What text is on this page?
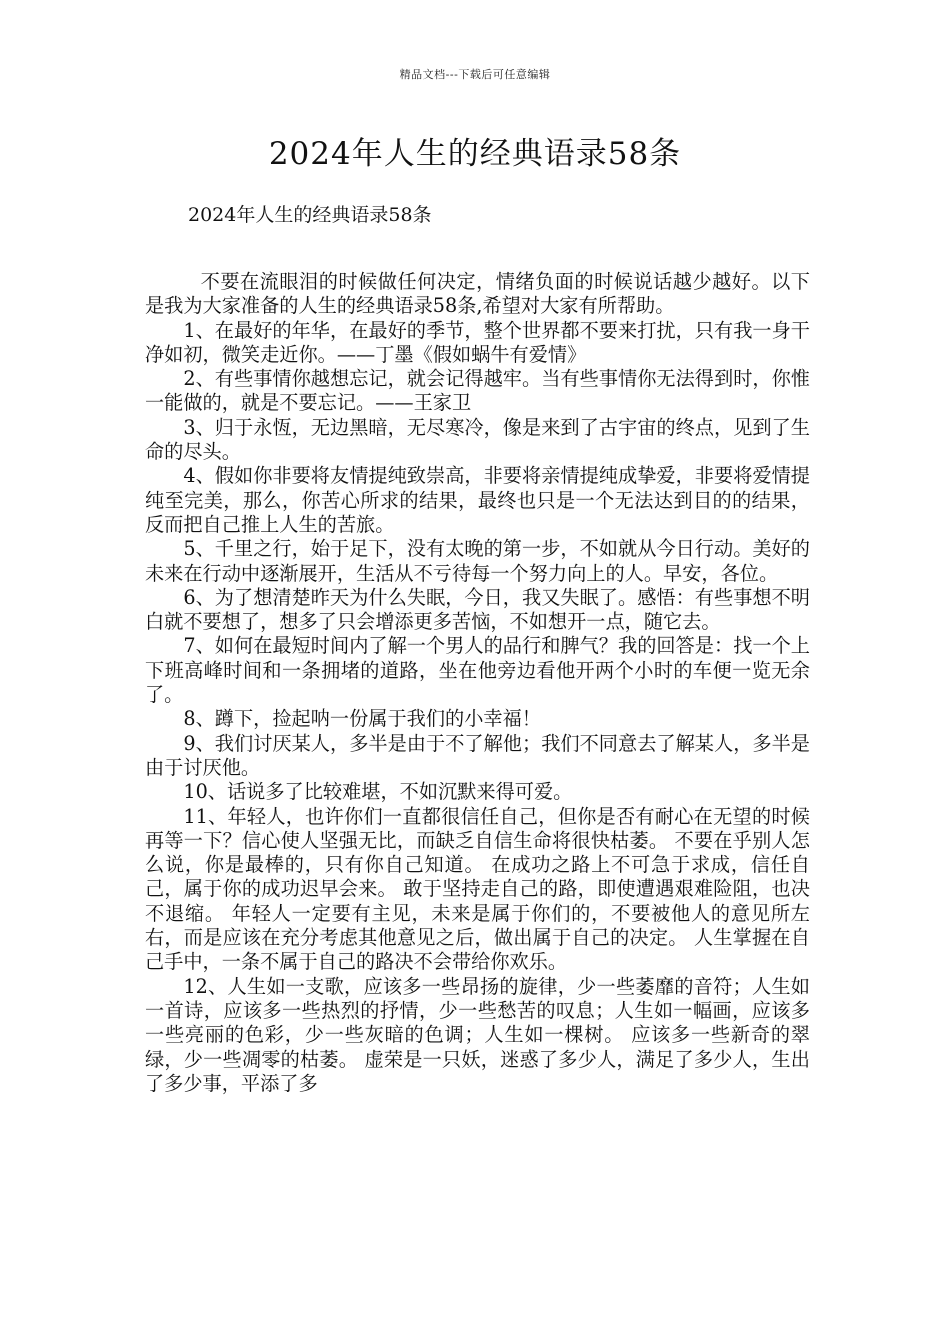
精品文档---下载后可任意编辑
2024年人生的经典语录58条

2024年人生的经典语录58条

不要在流眼泪的时候做任何决定，情绪负面的时候说话越少越好。以下是我为大家准备的人生的经典语录58条,希望对大家有所帮助。

1、在最好的年华，在最好的季节，整个世界都不要来打扰，只有我一身干净如初，微笑走近你。——丁墨《假如蜗牛有爱情》

2、有些事情你越想忘记，就会记得越牢。当有些事情你无法得到时，你惟一能做的，就是不要忘记。——王家卫

3、归于永恆，无边黑暗，无尽寒冷，像是来到了古宇宙的终点，见到了生命的尽头。

4、假如你非要将友情提纯致崇高，非要将亲情提纯成挚爱，非要将爱情提纯至完美，那么，你苦心所求的结果，最终也只是一个无法达到目的的结果，反而把自己推上人生的苦旅。

5、千里之行，始于足下，没有太晚的第一步，不如就从今日行动。美好的未来在行动中逐渐展开，生活从不亏待每一个努力向上的人。早安，各位。

6、为了想清楚昨天为什么失眠，今日，我又失眠了。感悟：有些事想不明白就不要想了，想多了只会增添更多苦恼，不如想开一点，随它去。

7、如何在最短时间内了解一个男人的品行和脾气？我的回答是：找一个上下班高峰时间和一条拥堵的道路，坐在他旁边看他开两个小时的车便一览无余了。

8、蹲下，捡起呐一份属于我们的小幸福！

9、我们讨厌某人，多半是由于不了解他；我们不同意去了解某人，多半是由于讨厌他。

10、话说多了比较难堪，不如沉默来得可爱。

11、年轻人，也许你们一直都很信任自己，但你是否有耐心在无望的时候再等一下？信心使人坚强无比，而缺乏自信生命将很快枯萎。 不要在乎别人怎么说，你是最棒的，只有你自己知道。 在成功之路上不可急于求成，信任自己，属于你的成功迟早会来。 敢于坚持走自己的路，即使遭遇艰难险阻，也决不退缩。 年轻人一定要有主见，未来是属于你们的，不要被他人的意见所左右，而是应该在充分考虑其他意见之后，做出属于自己的决定。 人生掌握在自己手中，一条不属于自己的路决不会带给你欢乐。

12、人生如一支歌，应该多一些昂扬的旋律，少一些萎靡的音符；人生如一首诗，应该多一些热烈的抒情，少一些愁苦的叹息；人生如一幅画，应该多一些亮丽的色彩，少一些灰暗的色调；人生如一棵树。 应该多一些新奇的翠绿，少一些凋零的枯萎。 虚荣是一只妖，迷惑了多少人，满足了多少人，生出了多少事，平添了多
